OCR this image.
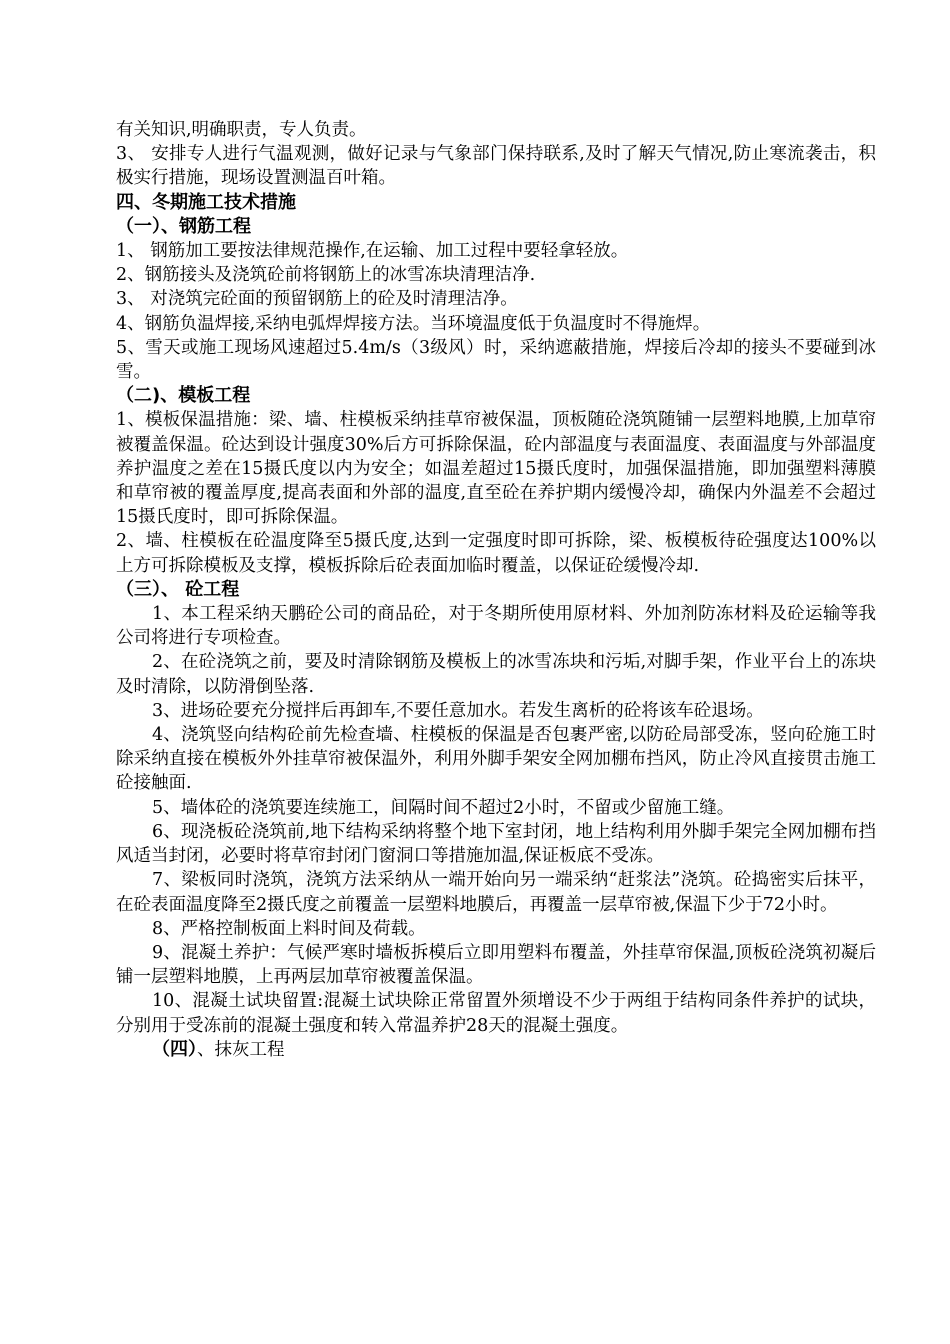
有关知识,明确职责，专人负责。

3、 安排专人进行气温观测，做好记录与气象部门保持联系,及时了解天气情况,防止寒流袭击，积极实行措施，现场设置测温百叶箱。

四、冬期施工技术措施

（一）、钢筋工程

1、 钢筋加工要按法律规范操作,在运输、加工过程中要轻拿轻放。

2、钢筋接头及浇筑砼前将钢筋上的冰雪冻块清理洁净.

3、 对浇筑完砼面的预留钢筋上的砼及时清理洁净。

4、钢筋负温焊接,采纳电弧焊焊接方法。当环境温度低于负温度时不得施焊。

5、雪天或施工现场风速超过5.4m/s（3级风）时，采纳遮蔽措施，焊接后冷却的接头不要碰到冰雪。

（二)、模板工程

1、模板保温措施：梁、墙、柱模板采纳挂草帘被保温，顶板随砼浇筑随铺一层塑料地膜,上加草帘被覆盖保温。砼达到设计强度30%后方可拆除保温，砼内部温度与表面温度、表面温度与外部温度养护温度之差在15摄氏度以内为安全；如温差超过15摄氏度时，加强保温措施，即加强塑料薄膜和草帘被的覆盖厚度,提高表面和外部的温度,直至砼在养护期内缓慢冷却，确保内外温差不会超过15摄氏度时，即可拆除保温。

2、墙、柱模板在砼温度降至5摄氏度,达到一定强度时即可拆除，梁、板模板待砼强度达100%以上方可拆除模板及支撑，模板拆除后砼表面加临时覆盖，以保证砼缓慢冷却.

（三）、 砼工程

1、本工程采纳天鹏砼公司的商品砼，对于冬期所使用原材料、外加剂防冻材料及砼运输等我公司将进行专项检查。

2、在砼浇筑之前，要及时清除钢筋及模板上的冰雪冻块和污垢,对脚手架，作业平台上的冻块及时清除，以防滑倒坠落.

3、进场砼要充分搅拌后再卸车,不要任意加水。若发生离析的砼将该车砼退场。

4、浇筑竖向结构砼前先检查墙、柱模板的保温是否包裹严密,以防砼局部受冻，竖向砼施工时除采纳直接在模板外外挂草帘被保温外，利用外脚手架安全网加棚布挡风，防止冷风直接贯击施工砼接触面.

5、墙体砼的浇筑要连续施工，间隔时间不超过2小时，不留或少留施工缝。

6、现浇板砼浇筑前,地下结构采纳将整个地下室封闭，地上结构利用外脚手架完全网加棚布挡风适当封闭，必要时将草帘封闭门窗洞口等措施加温,保证板底不受冻。

7、梁板同时浇筑，浇筑方法采纳从一端开始向另一端采纳“赶浆法”浇筑。砼捣密实后抹平，在砼表面温度降至2摄氏度之前覆盖一层塑料地膜后，再覆盖一层草帘被,保温下少于72小时。

8、严格控制板面上料时间及荷载。

9、混凝土养护：气候严寒时墙板拆模后立即用塑料布覆盖，外挂草帘保温,顶板砼浇筑初凝后铺一层塑料地膜，上再两层加草帘被覆盖保温。

10、混凝土试块留置:混凝土试块除正常留置外须增设不少于两组于结构同条件养护的试块，分别用于受冻前的混凝土强度和转入常温养护28天的混凝土强度。

（四）、抹灰工程
